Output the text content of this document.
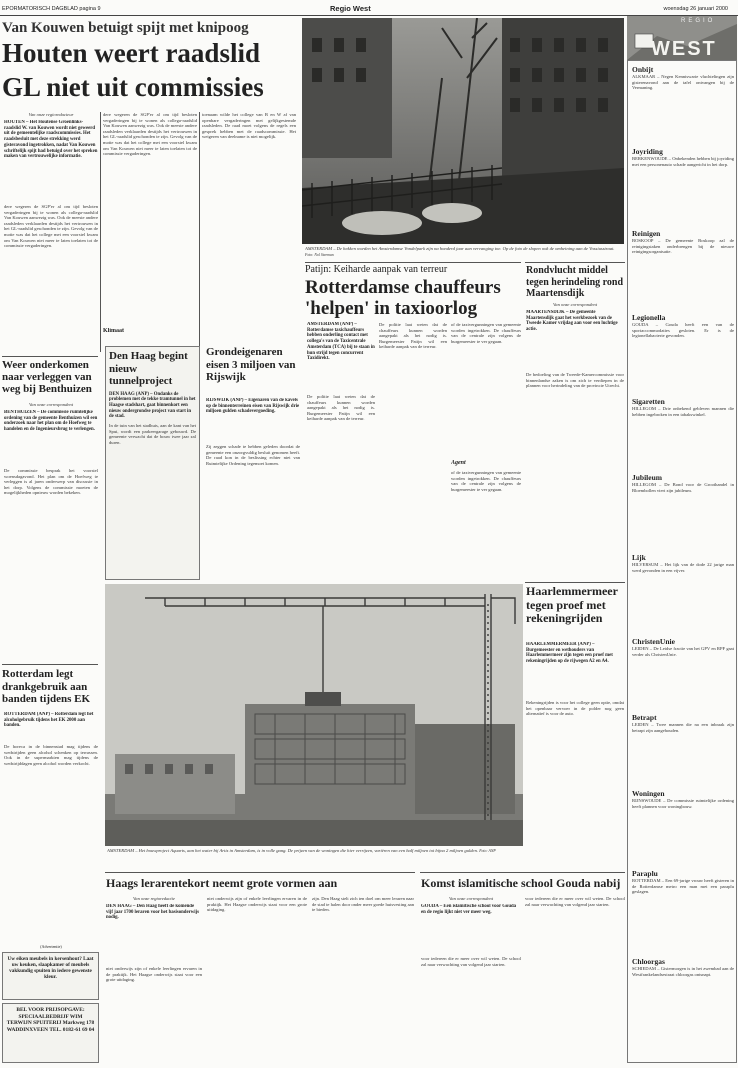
EPORMATORISCH DAGBLAD pagina 9	Regio West	woensdag 26 januari 2000
Van Kouwen betuigt spijt met knipoog
Houten weert raadslid
GL niet uit commissies
Van onze regioredacteur
HOUTEN – Het Houtense Groenlinks-raadslid W. van Kouwen wordt niet geweerd uit de gemeentelijke raadscommissies. Het raadsbesluit met deze strekking werd gisteravond ingetrokken, nadat Van Kouwen schriftelijk spijt had betuigd over het spreken maken van vertrouwelijke informatie.
dere wegeren de SGP'er al om tijd besloten vergaderingen bij te wonen als collega-raadslid Van Kouwen aanwezig was. Ook de meeste andere raadsleden verklaarden destijds het vertrouwen in het GL-raadslid geschonden te zijn. Gevolg van de motie was dat het college met een voorstel kwam om Van Kouwen niet meer te laten toelaten tot de commissie vergaderingen.
dere wegeren de SGP'er al om tijd besloten vergaderingen bij te wonen als collega-raadslid Van Kouwen aanwezig was. Ook de meeste andere raadsleden verklaarden destijds het vertrouwen in het GL-raadslid geschonden te zijn. Gevolg van de motie was dat het college met een voorstel kwam om Van Kouwen niet meer te laten toelaten tot de commissie vergaderingen.
Klimaat
toenaam wilde het college van B en W af van openbare vergaderingen met gelijkgestemde raadsleden. De raad moet volgens de regels een gesprek hebben met de raadscommissie. Het weigeren van deelname is niet mogelijk.
AMSTERDAM – De hekken worden het Amsterdamse Vondelpark zijn na honderd jaar aan vervanging toe. Op de foto de slopen ook de omheining aan de Vossiusstraat. Foto: Nol Steeman
Weer onderkomen naar verleggen van weg bij Benthuizen
Van onze correspondent
BENTHUIZEN – De commissie ruimtelijke ordening van de gemeente Benthuizen wil een onderzoek naar het plan om de Hoefweg te handelen en de Ingenieursbrug te verlengen.
De commissie besprak het voorstel woensdagavond. Het plan om de Hoefweg te verleggen is al jaren onderwerp van discussie in het dorp. Volgens de commissie moeten de mogelijkheden opnieuw worden bekeken.
Rotterdam legt drankgebruik aan banden tijdens EK
ROTTERDAM (ANP) – Rotterdam legt het alcoholgebruik tijdens het EK 2000 aan banden.
De horeca in de binnenstad mag tijdens de wedstrijden geen alcohol schenken op terrassen. Ook in de supermarkten mag tijdens de wedstrijddagen geen alcohol worden verkocht.
(Advertentie)
Uw eiken meubels in kersenhout? Laat uw keuken, slaapkamer of meubels vakkundig spuiten in iedere gewenste kleur.
BEL VOOR PRIJSOPGAVE: SPECIAALBEDRIJF WIM TERWIJN SPUITERIJ Markweg 178 WADDINXVEEN TEL. 0182-61 69 04
Den Haag begint nieuw tunnelproject
DEN HAAG (ANP) – Ondanks de problemen met de tekke tramtunnel in het Haagse stadshart, gaat binnenkort een nieuw ondergrondse project van start in de stad.
In de tuin van het stadhuis, aan de kant van het Spui, wordt een parkeergarage gebouwd. De gemeente verwacht dat de bouw twee jaar zal duren.
Grondeigenaren eisen 3 miljoen van Rijswijk
RIJSWIJK (ANP) – Eigenaren van de kavels op de binnenterreinen eisen van Rijswijk drie miljoen gulden schadevergoeding.
Zij zeggen schade te hebben geleden doordat de gemeente een onzorgvuldig besluit genomen heeft. De raad kon in de beslissing echter niet van Ruimtelijke Ordening tegemoet komen.
Patijn: Keiharde aanpak van terreur
Rotterdamse chauffeurs
'helpen' in taxioorlog
AMSTERDAM (ANP) – Rotterdamse taxichauffeurs hebben onderling contact met collega's van de Taxicentrale Amsterdam (TCA) bij te staan in hun strijd tegen concurrent Taxidirekt.
De politie laat weten dat de chauffeurs kunnen worden aangepakt als het nodig is. Burgemeester Patijn wil een keiharde aanpak van de terreur.
De politie laat weten dat de chauffeurs kunnen worden aangepakt als het nodig is. Burgemeester Patijn wil een keiharde aanpak van de terreur.
of de taxivergunningen van gemeente worden ingetrokken. De chauffeurs van de centrale zijn volgens de burgemeester te ver gegaan.
Agent
of de taxivergunningen van gemeente worden ingetrokken. De chauffeurs van de centrale zijn volgens de burgemeester te ver gegaan.
Rondvlucht middel tegen herindeling rond Maartensdijk
Van onze correspondent
MAARTENSDIJK – De gemeente Maartensdijk gaat het werkbezoek van de Tweede Kamer vrijdag aan voor een luchtige actie.
De bedoeling van de Tweede-Kamercommissie voor binnenlandse zaken is om zich te verdiepen in de plannen voor herindeling van de provincie Utrecht.
Haarlemmermeer tegen proef met rekeningrijden
HAARLEMMERMEER (ANP) – Burgemeester en wethouders van Haarlemmermeer zijn tegen een proef met rekeningrijden op de rijwegen A2 en A4.
Rekeningrijden is voor het college geen optie, omdat het openbaar vervoer in de polder nog geen alternatief is voor de auto.
AMSTERDAM – Het bouwproject Aquarts, aan het water bij Artis in Amsterdam, is in volle gang. De prijzen van de woningen die hier verrijzen, variëren van een half miljoen tot bijna 2 miljoen gulden. Foto: ANP
Haags lerarentekort neemt grote vormen aan
Van onze regioredactie
DEN HAAG – Den Haag heeft de komende vijf jaar 1700 leraren voor het basisonderwijs nodig.
niet onderwijs zijn of enkele leerlingen ervaren in de praktijk. Het Haagse onderwijs staat voor een grote uitdaging.
niet onderwijs zijn of enkele leerlingen ervaren in de praktijk. Het Haagse onderwijs staat voor een grote uitdaging.
zijn. Den Haag stelt zich ten doel om meer leraren naar de stad te halen door onder meer goede huisvesting aan te bieden.
Komst islamitische school Gouda nabij
Van onze correspondent
GOUDA – Een islamitische school voor Gouda en de regio lijkt niet ver meer weg.
voor iedereen die er meer over wil weten. De school zal naar verwachting van volgend jaar starten.
voor iedereen die er meer over wil weten. De school zal naar verwachting van volgend jaar starten.
REGIO
WEST
Onbijt
ALKMAAR – Negen Kenniswarie vluchtelingen zijn gisterenavond aan de tafel ontvangen bij de Vermaning.
Joyriding
BERKENWOUDE – Onbekenden hebben bij joyriding met een personenauto schade aangericht in het dorp.
Reinigen
BOSKOOP – De gemeente Boskoop zal de reinigingstaken onderbrengen bij de nieuwe reinigingsorganisatie.
Legionella
GOUDA – Gouda heeft een van de sportaccommodaties gesloten. Er is de legionellabacterie gevonden.
Sigaretten
HILLEGOM – Drie onbekend gebleven mannen die hebben ingebroken in een tabakswinkel.
Jubileum
HILLEGOM – De Bond voor de Groothandel in Bloembollen viert zijn jubileum.
Lijk
HILVERSUM – Het lijk van de dode 22 jarige man werd gevonden in een vijver.
ChristenUnie
LEIDEN – De Leidse fractie van het GPV en RPF gaat verder als ChristenUnie.
Betrapt
LEIDEN – Twee mannen die na een inbraak zijn betrapt zijn aangehouden.
Woningen
RIJNSWOUDE – De commissie ruimtelijke ordening heeft plannen voor woningbouw.
Paraplu
ROTTERDAM – Een 69-jarige vrouw heeft gisteren in de Rotterdamse metro een man met een paraplu geslagen.
Chloorgas
SCHIEDAM – Gistermorgen is in het zwembad aan de Westfrankelandsestraat chloorgas ontsnapt.
